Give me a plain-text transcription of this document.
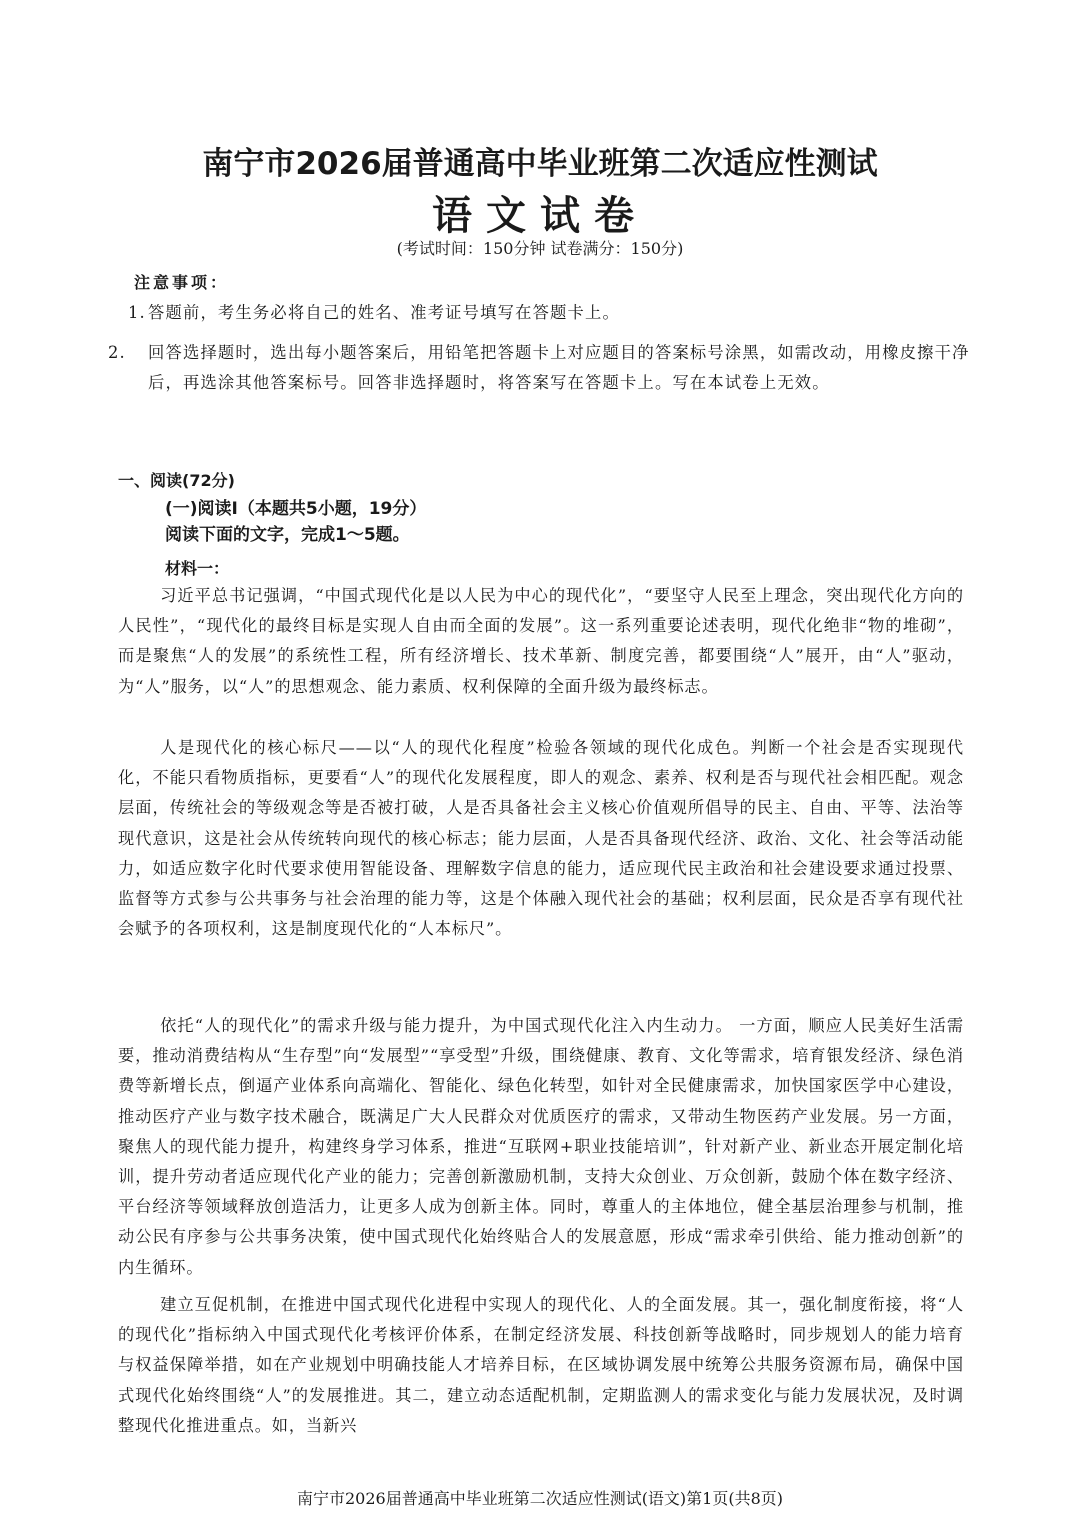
南宁市2026届普通高中毕业班第二次适应性测试
语文试卷
(考试时间：150分钟 试卷满分：150分)
注意事项：
1. 答题前，考生务必将自己的姓名、准考证号填写在答题卡上。
2. 回答选择题时，选出每小题答案后，用铅笔把答题卡上对应题目的答案标号涂黑，如需改动，用橡皮擦干净后，再选涂其他答案标号。回答非选择题时，将答案写在答题卡上。写在本试卷上无效。
一、阅读(72分)
(一)阅读Ⅰ（本题共5小题，19分）
阅读下面的文字，完成1～5题。
材料一：
习近平总书记强调，“中国式现代化是以人民为中心的现代化”，“要坚守人民至上理念，突出现代化方向的人民性”，“现代化的最终目标是实现人自由而全面的发展”。这一系列重要论述表明，现代化绝非“物的堆砌”，而是聚焦“人的发展”的系统性工程，所有经济增长、技术革新、制度完善，都要围绕“人”展开，由“人”驱动，为“人”服务，以“人”的思想观念、能力素质、权利保障的全面升级为最终标志。
人是现代化的核心标尺——以“人的现代化程度”检验各领域的现代化成色。判断一个社会是否实现现代化，不能只看物质指标，更要看“人”的现代化发展程度，即人的观念、素养、权利是否与现代社会相匹配。观念层面，传统社会的等级观念等是否被打破，人是否具备社会主义核心价值观所倡导的民主、自由、平等、法治等现代意识，这是社会从传统转向现代的核心标志；能力层面，人是否具备现代经济、政治、文化、社会等活动能力，如适应数字化时代要求使用智能设备、理解数字信息的能力，适应现代民主政治和社会建设要求通过投票、监督等方式参与公共事务与社会治理的能力等，这是个体融入现代社会的基础；权利层面，民众是否享有现代社会赋予的各项权利，这是制度现代化的“人本标尺”。
依托“人的现代化”的需求升级与能力提升，为中国式现代化注入内生动力。 一方面，顺应人民美好生活需要，推动消费结构从“生存型”向“发展型”“享受型”升级，围绕健康、教育、文化等需求，培育银发经济、绿色消费等新增长点，倒逼产业体系向高端化、智能化、绿色化转型，如针对全民健康需求，加快国家医学中心建设，推动医疗产业与数字技术融合，既满足广大人民群众对优质医疗的需求，又带动生物医药产业发展。另一方面，聚焦人的现代能力提升，构建终身学习体系，推进“互联网+职业技能培训”，针对新产业、新业态开展定制化培训，提升劳动者适应现代化产业的能力；完善创新激励机制，支持大众创业、万众创新，鼓励个体在数字经济、平台经济等领域释放创造活力，让更多人成为创新主体。同时，尊重人的主体地位，健全基层治理参与机制，推动公民有序参与公共事务决策，使中国式现代化始终贴合人的发展意愿，形成“需求牵引供给、能力推动创新”的内生循环。
建立互促机制，在推进中国式现代化进程中实现人的现代化、人的全面发展。其一，强化制度衔接，将“人的现代化”指标纳入中国式现代化考核评价体系，在制定经济发展、科技创新等战略时，同步规划人的能力培育与权益保障举措，如在产业规划中明确技能人才培养目标，在区域协调发展中统筹公共服务资源布局，确保中国式现代化始终围绕“人”的发展推进。其二，建立动态适配机制，定期监测人的需求变化与能力发展状况，及时调整现代化推进重点。如，当新兴
南宁市2026届普通高中毕业班第二次适应性测试(语文)第1页(共8页)
